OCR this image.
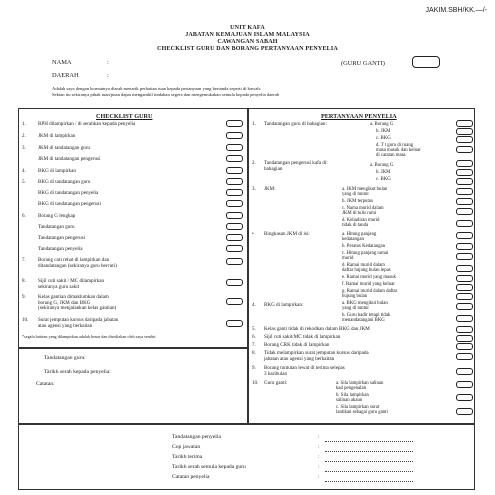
JAKIM.SBH/KK.—/-
UNIT KAFA
JABATAN KEMAJUAN ISLAM MALAYSIA
CAWANGAN SABAH
CHECKLIST GURU DAN BORANG PERTANYAAN PENYELIA
NAMA	:	(GURU GANTI)
DAERAH	:
Adalah saya dengan hormatnya diarah menarik perhatian tuan kepada pertanyaan yang bertanda seperti di bawah:
Sekian itu sekiranya pihak tuan/puan dapat mengambil tindakan segera dan mengemukakan semula kepada penyelia daerah
CHECKLIST GURU
1. RPH dilampirkan / di serahkan kepada penyelia
2. JKM di lampirkan
3. JKM di tandatangan guru
JKM di tandatangan pengerusi
4. BKG di lampirkan
5. BKG di tandatangan guru
BKG di tandatangan penyelia
BKG di tandatangan pengerusi
6. Borang G lengkap
Tandatangan guru
Tandatangan pengerusi
Tandatangan penyelia
7. Borang cuti rehat di lampirkan dan
ditandatangan (sekiranya guru bercuti)
8. Sijil cuti sakit / MC dilampirkan
sekiranya guru sakit
9. Kelas gantian dimaklumkan dalam
borang G, JKM dan BKG
(sekiranya menjalankan kelas gantian)
10. Surat jemputan kursus daripada jabatan
atau agensi yang berkaitan
*segala butiran yang dilampirkan adalah benar dan disediakan oleh saya sendiri
Tandatangan guru:
Tarikh serah kepada penyelia:
Catatan:
PERTANYAAN PENYELIA
1. Tandatangan guru di bahagian:	a. Borang G
b. JKM
c. BKG
d. T t guru di ruang
masa masuk dan keluar
di catatan masa
2. Tandatangan pengerusi kafa di:
bahagian
a. Borang G
b. JKM
c. BKG
3. JKM:	a. JKM mengikut bulan
yang di tuntut
b. JKM terputus
c. Nama murid dalam
JKM di tulis rumi
d. Kehadiran murid
tidak di tanda
• Ringkasan JKM di isi:	a. Hitung panjang
kedatangan
b. Peratus Kedatangan
c. Hitung panjang ramai
murid
d. Ramai murid dalam
daftar hujung bulan lepas
e. Ramai murid yang masuk
f. Ramai murid yang keluar
g. Ramai murid dalam daftar
hujung bulan
4. BKG di lampirkan:	a. BKG mengikut bulan
yang di tuntut
b. Guru hadir tetapi tidak
menandatangani BKG
5. Kelas ganti tidak di rekodkan dalam BKG dan JKM
6. Sijil cuti sakit/MC tidak di lampirkan
7. Borang CRK tidak di lampirkan
8. Tidak melampirkan surat jemputan kursus daripada
jabatan atau agensi yang berkaitan
9. Borang tuntutan lewat di terima selepas
3 haribulan
10. Guru ganti:	a. Sila lampirkan salinan
kad pengenalan
b. Sila lampirkan
salinan akaun
c. Sila lampirkan surat
lantikan sebagai guru ganti
Tandatangan penyelia	:
Cop jawatan	:
Tarikh terima	:
Tarikh serah semula kepada guru	:
Catatan penyelia	:
